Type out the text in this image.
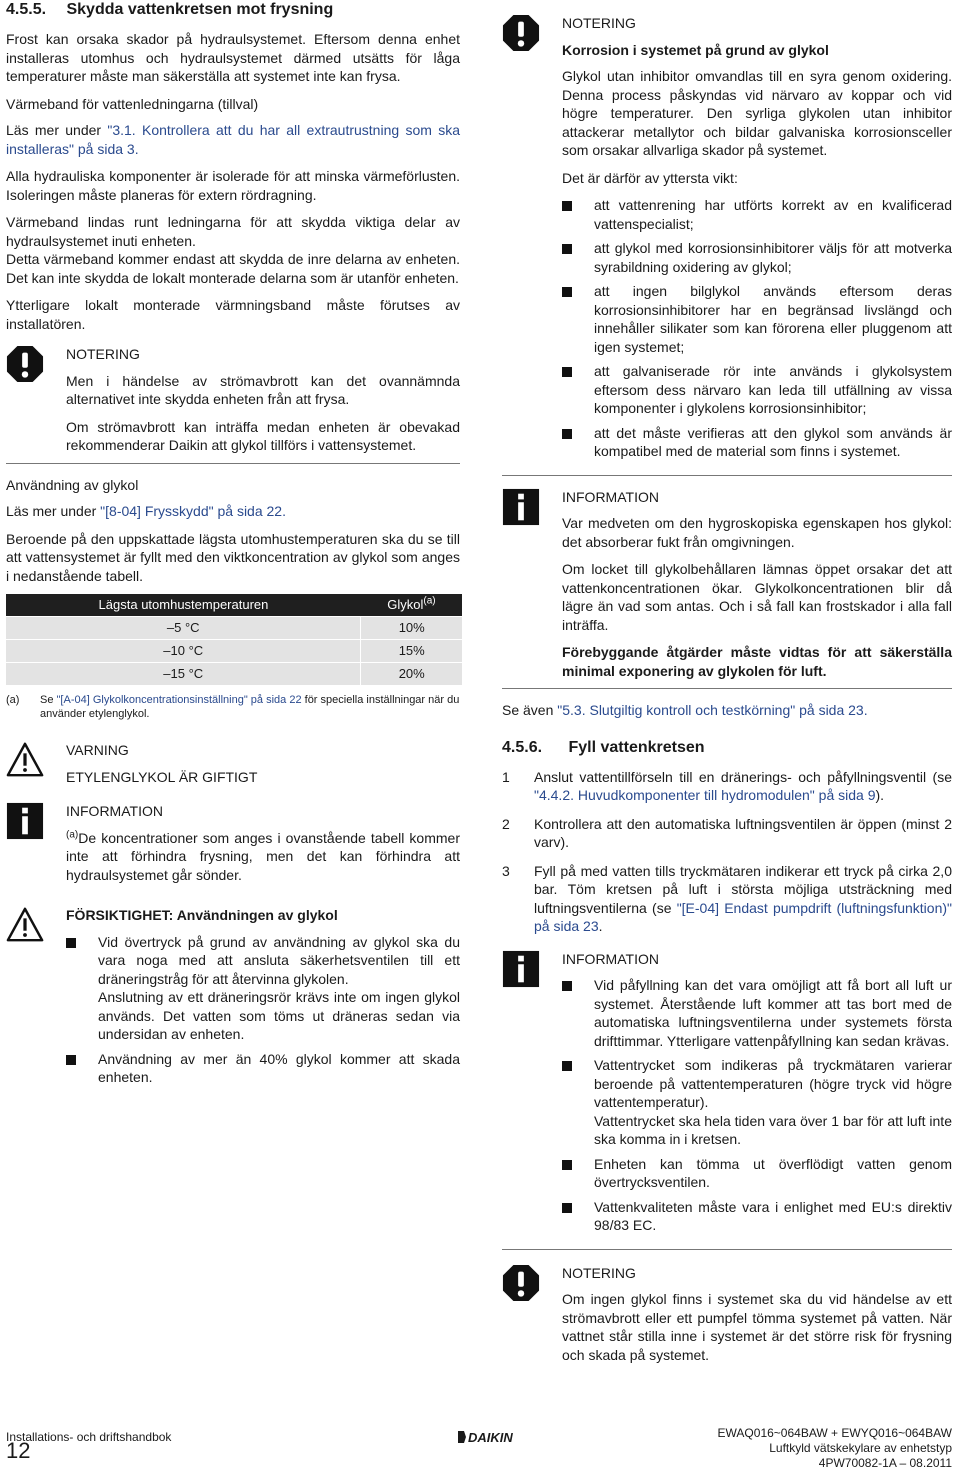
4.5.5. Skydda vattenkretsen mot frysning

Frost kan orsaka skador på hydraulsystemet. Eftersom denna enhet installeras utomhus och hydraulsystemet därmed utsätts för låga temperaturer måste man säkerställa att systemet inte kan frysa.

Värmeband för vattenledningarna (tillval)

Läs mer under "3.1. Kontrollera att du har all extrautrustning som ska installeras" på sida 3.

Alla hydrauliska komponenter är isolerade för att minska värmeförlusten. Isoleringen måste planeras för extern rördragning.

Värmeband lindas runt ledningarna för att skydda viktiga delar av hydraulsystemet inuti enheten.

Detta värmeband kommer endast att skydda de inre delarna av enheten. Det kan inte skydda de lokalt monterade delarna som är utanför enheten.

Ytterligare lokalt monterade värmningsband måste förutses av installatören.

NOTERING

Men i händelse av strömavbrott kan det ovannämnda alternativet inte skydda enheten från att frysa.

Om strömavbrott kan inträffa medan enheten är obevakad rekommenderar Daikin att glykol tillförs i vattensystemet.

Användning av glykol

Läs mer under "[8-04] Frysskydd" på sida 22.

Beroende på den uppskattade lägsta utomhustemperaturen ska du se till att vattensystemet är fyllt med den viktkoncentration av glykol som anges i nedanstående tabell.

Lägsta utomhustemperaturen	Glykol$^{(a)}$
–5 °C	10%
–10 °C	15%
–15 °C	20%
(a)	Se "[A-04] Glykolkoncentrationsinställning" på sida 22 för speciella inställningar när du använder etylenglykol.
VARNING

ETYLENGLYKOL ÄR GIFTIGT

INFORMATION

$^{(a)}$De koncentrationer som anges i ovanstående tabell kommer inte att förhindra frysning, men det kan förhindra att hydraulsystemet går sönder.

FÖRSIKTIGHET: Användningen av glykol
Vid övertryck på grund av användning av glykol ska du vara noga med att ansluta säkerhetsventilen till ett dräneringstråg för att återvinna glykolen.
Anslutning av ett dräneringsrör krävs inte om ingen glykol används. Det vatten som töms ut dräneras sedan via undersidan av enheten.
Användning av mer än 40% glykol kommer att skada enheten.
NOTERING
Korrosion i systemet på grund av glykol

Glykol utan inhibitor omvandlas till en syra genom oxidering. Denna process påskyndas vid närvaro av koppar och vid högre temperaturer. Den syrliga glykolen utan inhibitor attackerar metallytor och bildar galvaniska korrosionsceller som orsakar allvarliga skador på systemet.

Det är därför av yttersta vikt:

att vattenrening har utförts korrekt av en kvalificerad vattenspecialist;
att glykol med korrosionsinhibitorer väljs för att motverka syrabildning oxidering av glykol;
att ingen bilglykol används eftersom deras korrosionsinhibitorer har en begränsad livslängd och innehåller silikater som kan förorena eller pluggenom att igen systemet;
att galvaniserade rör inte används i glykolsystem eftersom dess närvaro kan leda till utfällning av vissa komponenter i glykolens korrosionsinhibitor;
att det måste verifieras att den glykol som används är kompatibel med de material som finns i systemet.
INFORMATION

Var medveten om den hygroskopiska egenskapen hos glykol: det absorberar fukt från omgivningen.

Om locket till glykolbehållaren lämnas öppet orsakar det att vattenkoncentrationen ökar. Glykolkoncentrationen blir då lägre än vad som antas. Och i så fall kan frostskador i alla fall inträffa.

Förebyggande åtgärder måste vidtas för att säkerställa minimal exponering av glykolen för luft.

Se även "5.3. Slutgiltig kontroll och testkörning" på sida 23.

4.5.6. Fyll vattenkretsen
1 Anslut vattentillförseln till en dränerings- och påfyllningsventil (se "4.4.2. Huvudkomponenter till hydromodulen" på sida 9).
2 Kontrollera att den automatiska luftningsventilen är öppen (minst 2 varv).
3 Fyll på med vatten tills tryckmätaren indikerar ett tryck på cirka 2,0 bar. Töm kretsen på luft i största möjliga utsträckning med luftningsventilerna (se "[E-04] Endast pumpdrift (luftningsfunktion)" på sida 23.
INFORMATION
Vid påfyllning kan det vara omöjligt att få bort all luft ur systemet. Återstående luft kommer att tas bort med de automatiska luftningsventilerna under systemets första drifttimmar. Ytterligare vattenpåfyllning kan sedan krävas.
Vattentrycket som indikeras på tryckmätaren varierar beroende på vattentemperaturen (högre tryck vid högre vattentemperatur).
Vattentrycket ska hela tiden vara över 1 bar för att luft inte ska komma in i kretsen.
Enheten kan tömma ut överflödigt vatten genom övertrycksventilen.
Vattenkvaliteten måste vara i enlighet med EU:s direktiv 98/83 EC.
NOTERING

Om ingen glykol finns i systemet ska du vid händelse av ett strömavbrott eller ett pumpfel tömma systemet på vatten. När vattnet står stilla inne i systemet är det större risk för frysning och skada på systemet.

Installations- och driftshandbok
12
DAIKIN	EWAQ016~064BAW + EWYQ016~064BAW
Luftkyld vätskekylare av enhetstyp
4PW70082-1A – 08.2011
